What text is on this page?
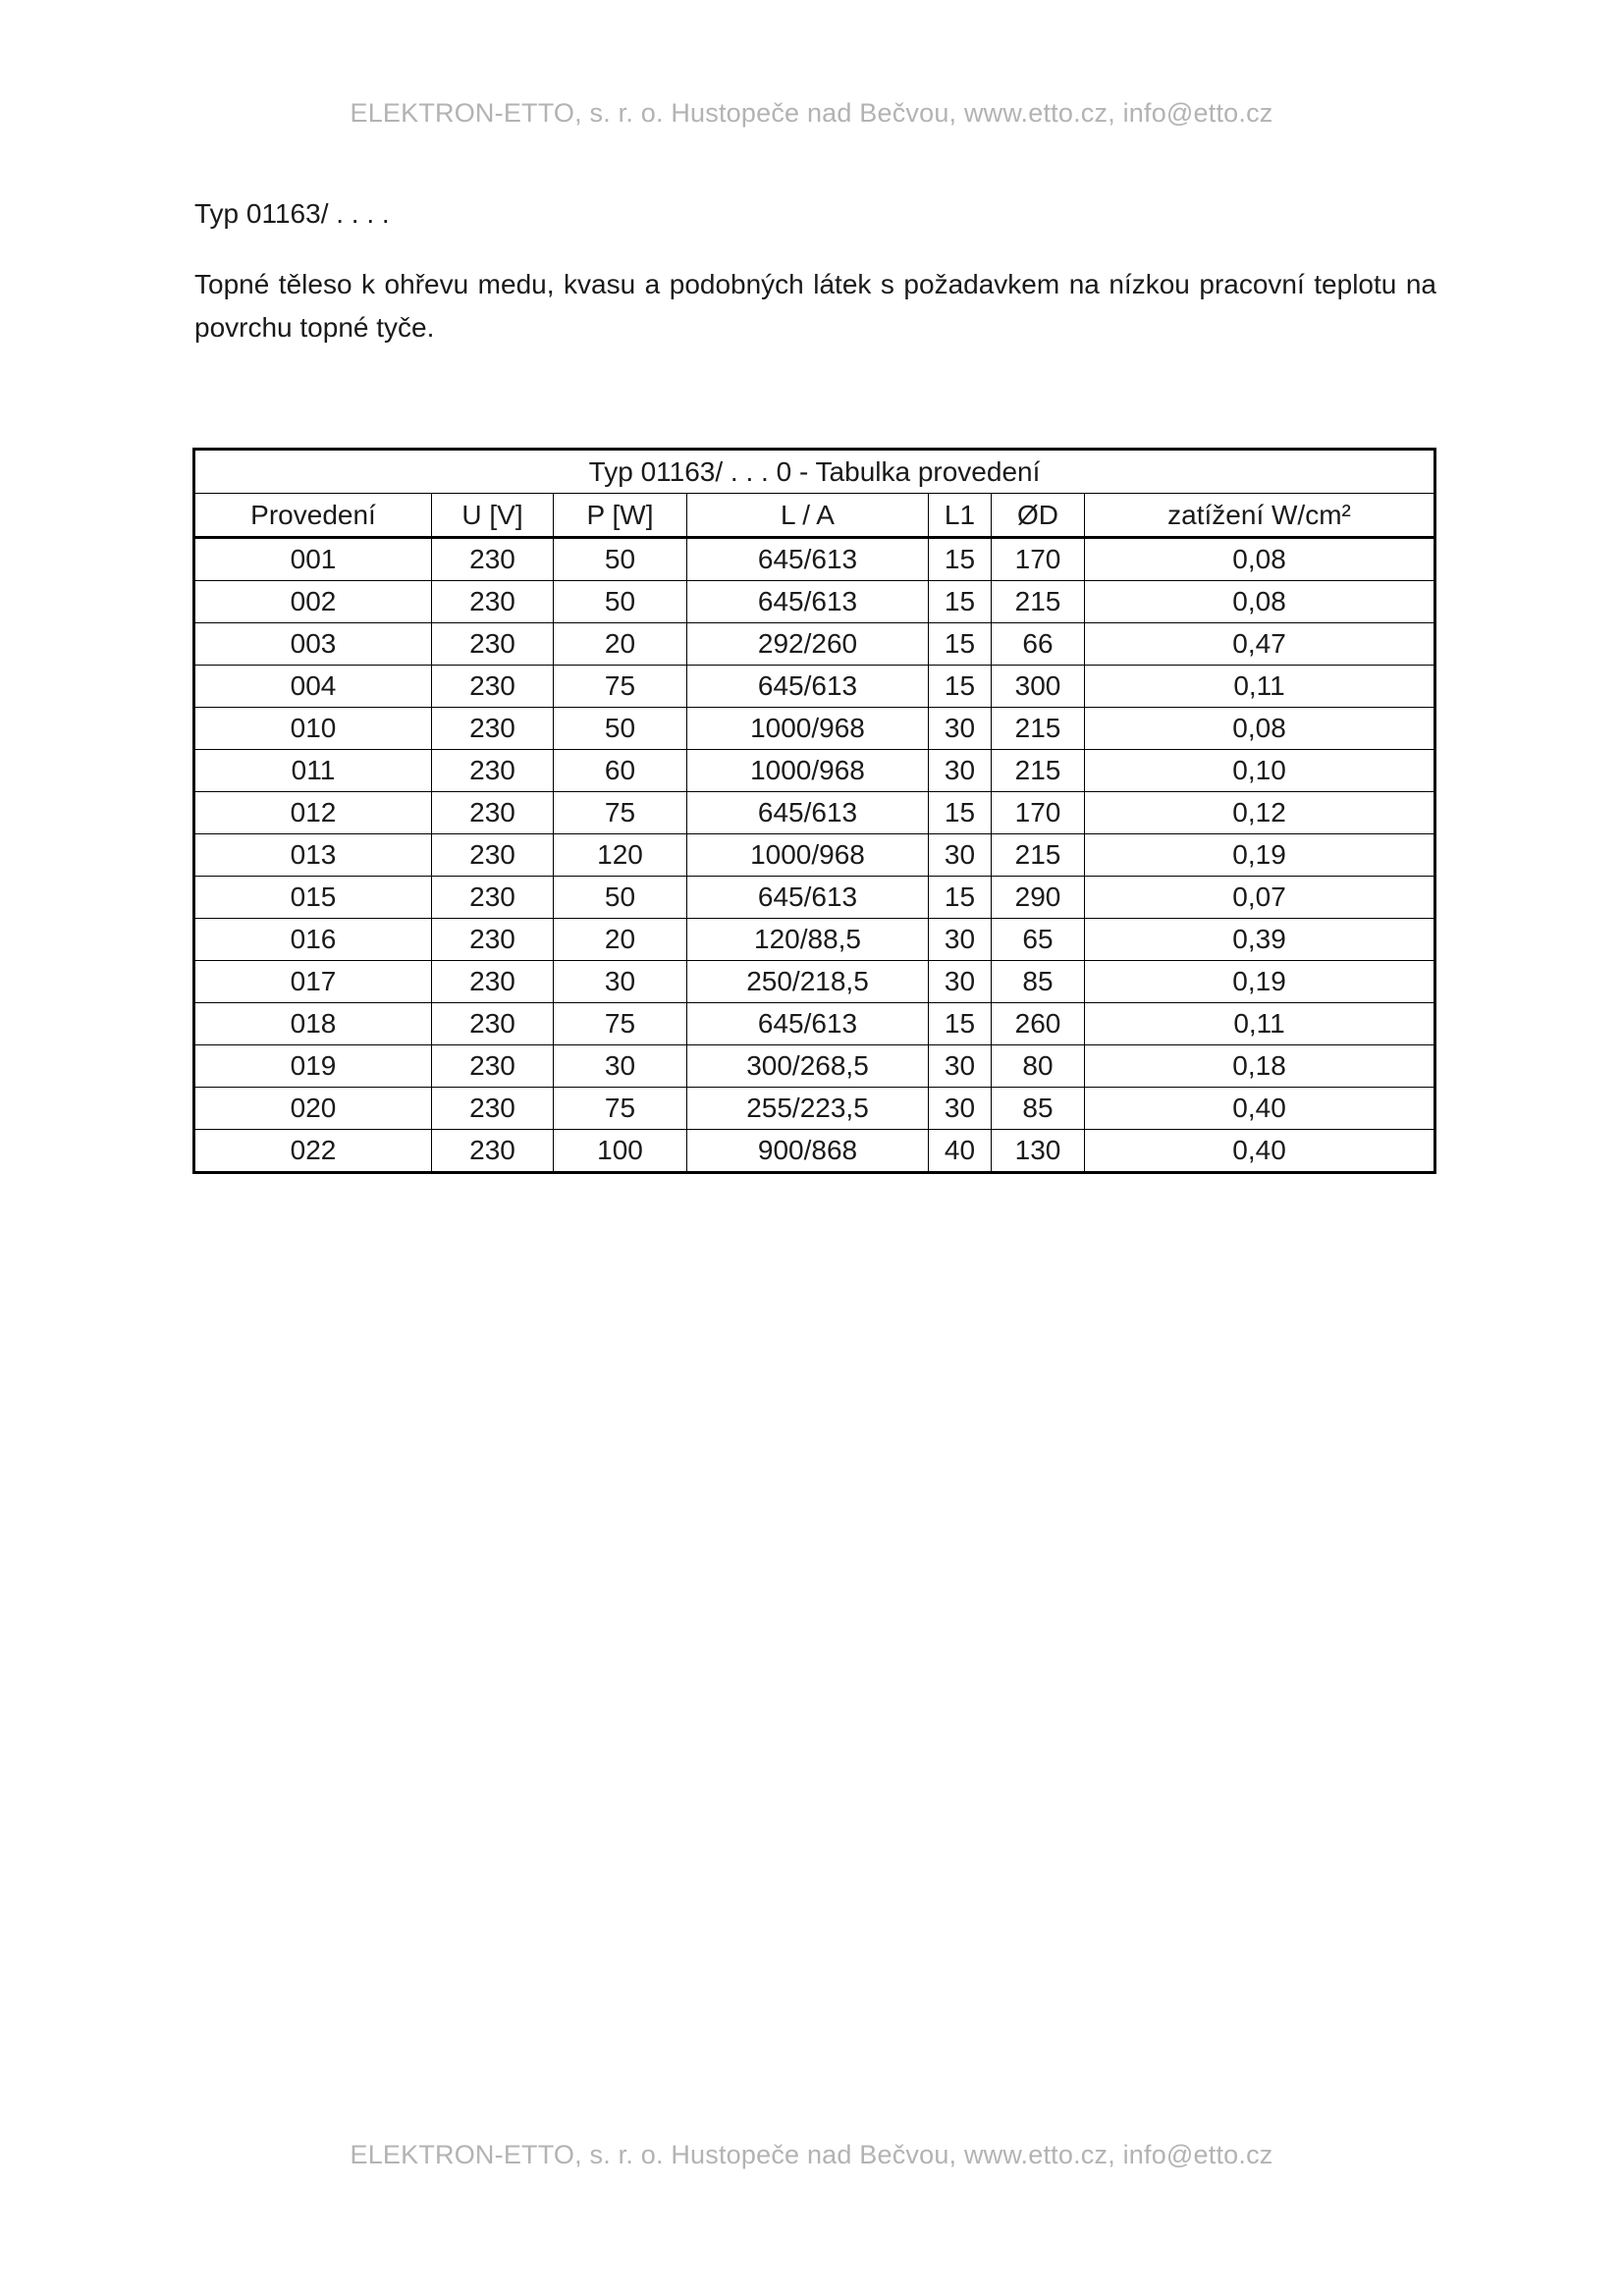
ELEKTRON-ETTO, s. r. o. Hustopeče nad Bečvou, www.etto.cz, info@etto.cz
Typ 01163/ . . . .
Topné těleso k ohřevu medu, kvasu a podobných látek s požadavkem na nízkou pracovní teplotu na povrchu topné tyče.
Typ 01163/ . . . 0 - Tabulka provedení						
Provedení	U [V]	P [W]	L / A	L1	ØD	zatížení W/cm²
001	230	50	645/613	15	170	0,08
002	230	50	645/613	15	215	0,08
003	230	20	292/260	15	66	0,47
004	230	75	645/613	15	300	0,11
010	230	50	1000/968	30	215	0,08
011	230	60	1000/968	30	215	0,10
012	230	75	645/613	15	170	0,12
013	230	120	1000/968	30	215	0,19
015	230	50	645/613	15	290	0,07
016	230	20	120/88,5	30	65	0,39
017	230	30	250/218,5	30	85	0,19
018	230	75	645/613	15	260	0,11
019	230	30	300/268,5	30	80	0,18
020	230	75	255/223,5	30	85	0,40
022	230	100	900/868	40	130	0,40
ELEKTRON-ETTO, s. r. o. Hustopeče nad Bečvou, www.etto.cz, info@etto.cz
